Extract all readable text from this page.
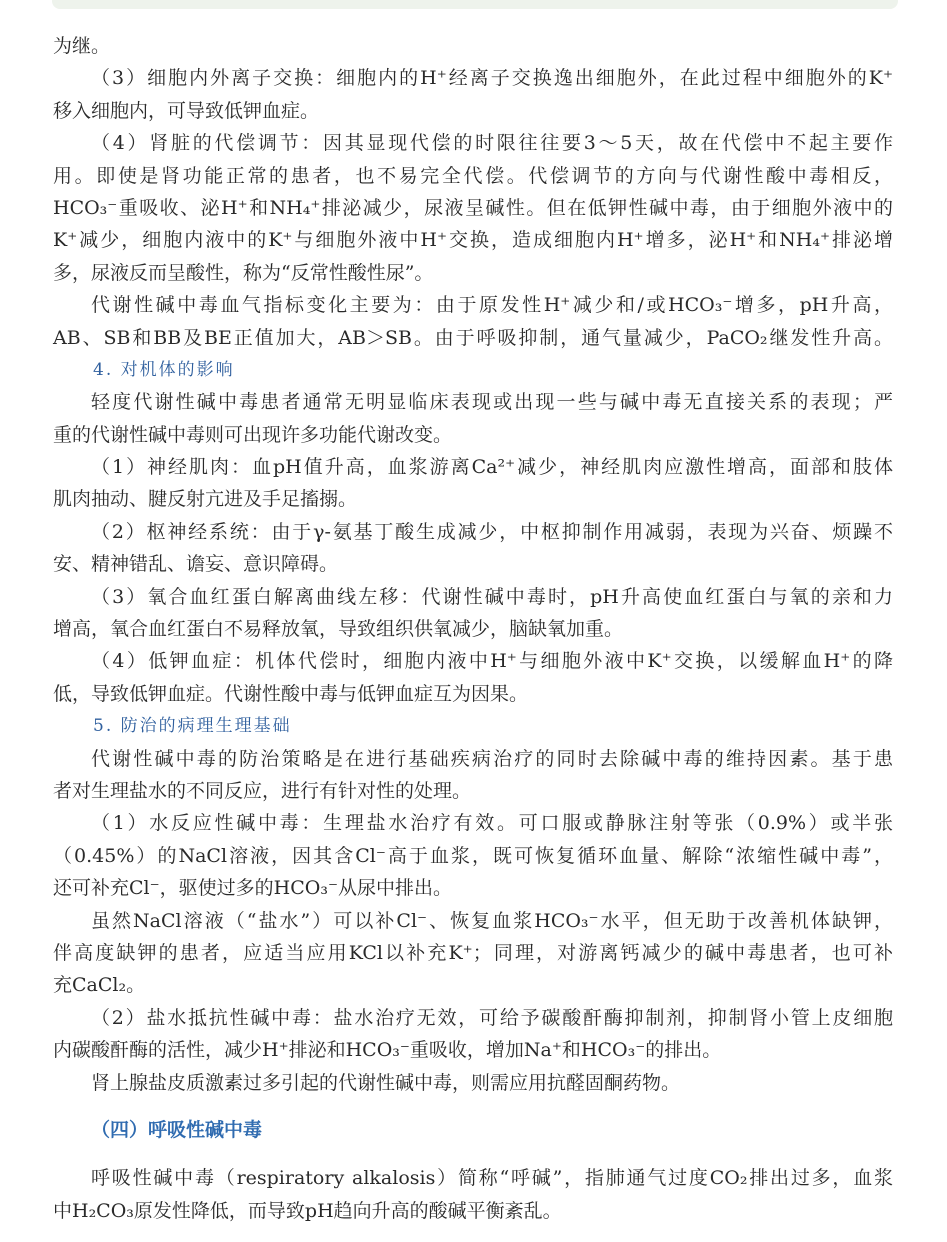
为继。
（3）细胞内外离子交换：细胞内的H⁺经离子交换逸出细胞外，在此过程中细胞外的K⁺
移入细胞内，可导致低钾血症。
（4）肾脏的代偿调节：因其显现代偿的时限往往要3～5天，故在代偿中不起主要作
用。即使是肾功能正常的患者，也不易完全代偿。代偿调节的方向与代谢性酸中毒相反，
HCO₃⁻重吸收、泌H⁺和NH₄⁺排泌减少，尿液呈碱性。但在低钾性碱中毒，由于细胞外液中的
K⁺减少，细胞内液中的K⁺与细胞外液中H⁺交换，造成细胞内H⁺增多，泌H⁺和NH₄⁺排泌增
多，尿液反而呈酸性，称为“反常性酸性尿”。
代谢性碱中毒血气指标变化主要为：由于原发性H⁺减少和/或HCO₃⁻增多，pH升高，
AB、SB和BB及BE正值加大，AB＞SB。由于呼吸抑制，通气量减少，PaCO₂继发性升高。
4. 对机体的影响
轻度代谢性碱中毒患者通常无明显临床表现或出现一些与碱中毒无直接关系的表现；严
重的代谢性碱中毒则可出现许多功能代谢改变。
（1）神经肌肉：血pH值升高，血浆游离Ca²⁺减少，神经肌肉应激性增高，面部和肢体
肌肉抽动、腱反射亢进及手足搐搦。
（2）枢神经系统：由于γ-氨基丁酸生成减少，中枢抑制作用减弱，表现为兴奋、烦躁不
安、精神错乱、谵妄、意识障碍。
（3）氧合血红蛋白解离曲线左移：代谢性碱中毒时，pH升高使血红蛋白与氧的亲和力
增高，氧合血红蛋白不易释放氧，导致组织供氧减少，脑缺氧加重。
（4）低钾血症：机体代偿时，细胞内液中H⁺与细胞外液中K⁺交换，以缓解血H⁺的降
低，导致低钾血症。代谢性酸中毒与低钾血症互为因果。
5. 防治的病理生理基础
代谢性碱中毒的防治策略是在进行基础疾病治疗的同时去除碱中毒的维持因素。基于患
者对生理盐水的不同反应，进行有针对性的处理。
（1）水反应性碱中毒：生理盐水治疗有效。可口服或静脉注射等张（0.9%）或半张
（0.45%）的NaCl溶液，因其含Cl⁻高于血浆，既可恢复循环血量、解除“浓缩性碱中毒”，
还可补充Cl⁻，驱使过多的HCO₃⁻从尿中排出。
虽然NaCl溶液（“盐水”）可以补Cl⁻、恢复血浆HCO₃⁻水平，但无助于改善机体缺钾，
伴高度缺钾的患者，应适当应用KCl以补充K⁺；同理，对游离钙减少的碱中毒患者，也可补
充CaCl₂。
（2）盐水抵抗性碱中毒：盐水治疗无效，可给予碳酸酐酶抑制剂，抑制肾小管上皮细胞
内碳酸酐酶的活性，减少H⁺排泌和HCO₃⁻重吸收，增加Na⁺和HCO₃⁻的排出。
肾上腺盐皮质激素过多引起的代谢性碱中毒，则需应用抗醛固酮药物。
（四）呼吸性碱中毒
呼吸性碱中毒（respiratory alkalosis）简称“呼碱”，指肺通气过度CO₂排出过多，血浆
中H₂CO₃原发性降低，而导致pH趋向升高的酸碱平衡紊乱。
